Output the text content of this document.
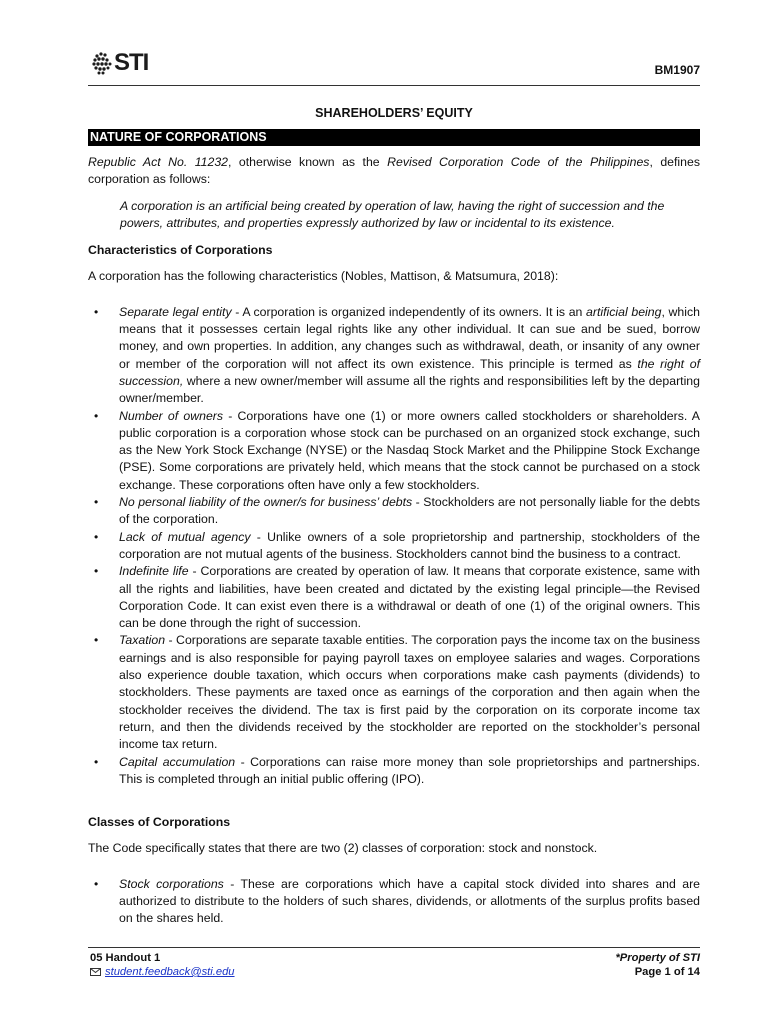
STI	BM1907
SHAREHOLDERS’ EQUITY
NATURE OF CORPORATIONS

Republic Act No. 11232, otherwise known as the Revised Corporation Code of the Philippines, defines corporation as follows:

A corporation is an artificial being created by operation of law, having the right of succession and the powers, attributes, and properties expressly authorized by law or incidental to its existence.

Characteristics of Corporations

A corporation has the following characteristics (Nobles, Mattison, & Matsumura, 2018):

• Separate legal entity - A corporation is organized independently of its owners. It is an artificial being, which means that it possesses certain legal rights like any other individual. It can sue and be sued, borrow money, and own properties. In addition, any changes such as withdrawal, death, or insanity of any owner or member of the corporation will not affect its own existence. This principle is termed as the right of succession, where a new owner/member will assume all the rights and responsibilities left by the departing owner/member.
• Number of owners - Corporations have one (1) or more owners called stockholders or shareholders. A public corporation is a corporation whose stock can be purchased on an organized stock exchange, such as the New York Stock Exchange (NYSE) or the Nasdaq Stock Market and the Philippine Stock Exchange (PSE). Some corporations are privately held, which means that the stock cannot be purchased on a stock exchange. These corporations often have only a few stockholders.
• No personal liability of the owner/s for business’ debts - Stockholders are not personally liable for the debts of the corporation.
• Lack of mutual agency - Unlike owners of a sole proprietorship and partnership, stockholders of the corporation are not mutual agents of the business. Stockholders cannot bind the business to a contract.
• Indefinite life - Corporations are created by operation of law. It means that corporate existence, same with all the rights and liabilities, have been created and dictated by the existing legal principle—the Revised Corporation Code. It can exist even there is a withdrawal or death of one (1) of the original owners. This can be done through the right of succession.
• Taxation - Corporations are separate taxable entities. The corporation pays the income tax on the business earnings and is also responsible for paying payroll taxes on employee salaries and wages. Corporations also experience double taxation, which occurs when corporations make cash payments (dividends) to stockholders. These payments are taxed once as earnings of the corporation and then again when the stockholder receives the dividend. The tax is first paid by the corporation on its corporate income tax return, and then the dividends received by the stockholder are reported on the stockholder’s personal income tax return.
• Capital accumulation - Corporations can raise more money than sole proprietorships and partnerships. This is completed through an initial public offering (IPO).

Classes of Corporations

The Code specifically states that there are two (2) classes of corporation: stock and nonstock.

• Stock corporations - These are corporations which have a capital stock divided into shares and are authorized to distribute to the holders of such shares, dividends, or allotments of the surplus profits based on the shares held.
05 Handout 1
student.feedback@sti.edu
*Property of STI
Page 1 of 14
